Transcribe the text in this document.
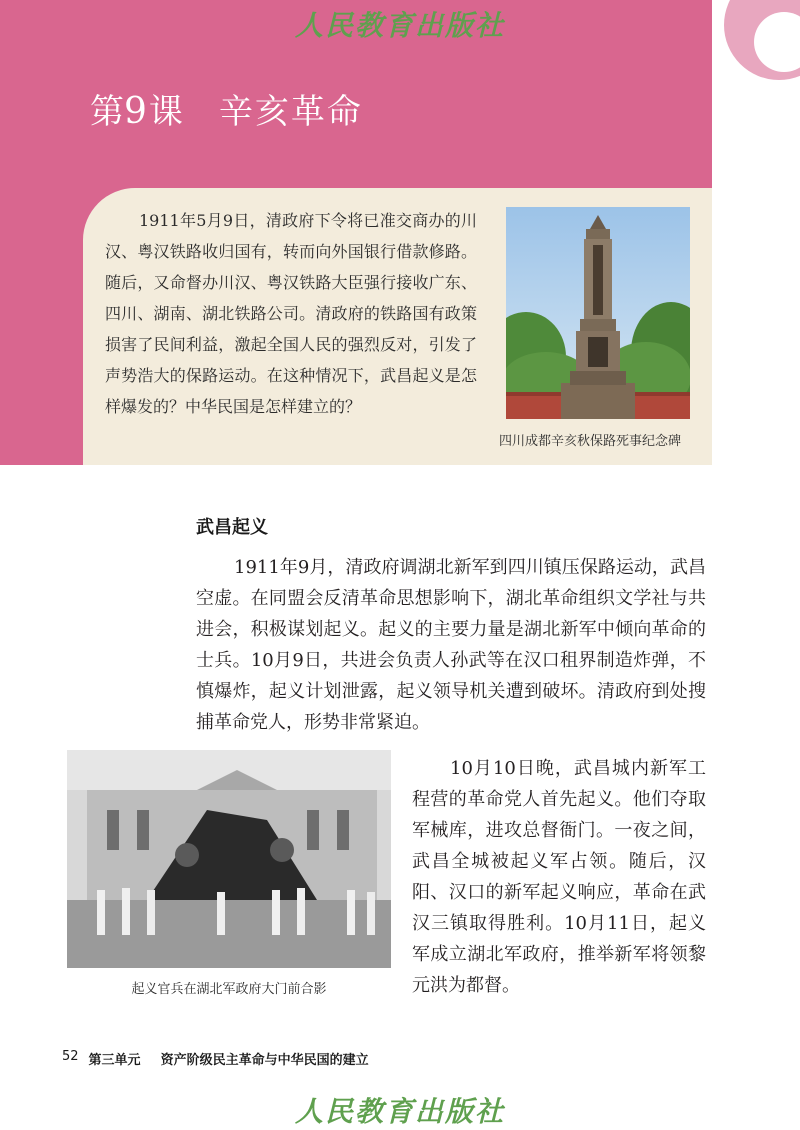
人民教育出版社
第 9 课 辛亥革命
1911年5月9日，清政府下令将已准交商办的川汉、粤汉铁路收归国有，转而向外国银行借款修路。随后，又命督办川汉、粤汉铁路大臣强行接收广东、四川、湖南、湖北铁路公司。清政府的铁路国有政策损害了民间利益，激起全国人民的强烈反对，引发了声势浩大的保路运动。在这种情况下，武昌起义是怎样爆发的？中华民国是怎样建立的？
四川成都辛亥秋保路死事纪念碑
武昌起义
1911年9月，清政府调湖北新军到四川镇压保路运动，武昌空虚。在同盟会反清革命思想影响下，湖北革命组织文学社与共进会，积极谋划起义。起义的主要力量是湖北新军中倾向革命的士兵。10月9日，共进会负责人孙武等在汉口租界制造炸弹，不慎爆炸，起义计划泄露，起义领导机关遭到破坏。清政府到处搜捕革命党人，形势非常紧迫。
起义官兵在湖北军政府大门前合影
10月10日晚，武昌城内新军工程营的革命党人首先起义。他们夺取军械库，进攻总督衙门。一夜之间，武昌全城被起义军占领。随后，汉阳、汉口的新军起义响应，革命在武汉三镇取得胜利。10月11日，起义军成立湖北军政府，推举新军将领黎元洪为都督。
52 第三单元 资产阶级民主革命与中华民国的建立
人民教育出版社
